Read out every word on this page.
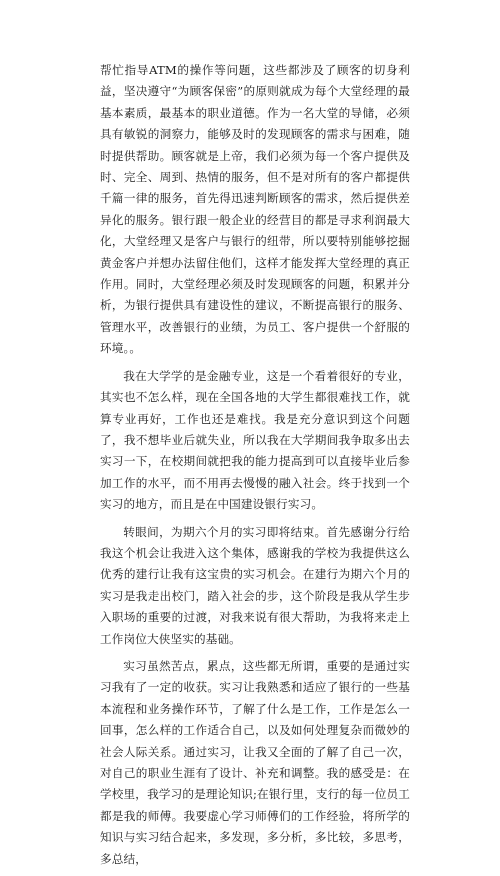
帮忙指导ATM的操作等问题，这些都涉及了顾客的切身利益，坚决遵守“为顾客保密”的原则就成为每个大堂经理的最基本素质，最基本的职业道德。作为一名大堂的导储，必须具有敏锐的洞察力，能够及时的发现顾客的需求与困难，随时提供帮助。顾客就是上帝，我们必须为每一个客户提供及时、完全、周到、热情的服务，但不是对所有的客户都提供千篇一律的服务，首先得迅速判断顾客的需求，然后提供差异化的服务。银行跟一般企业的经营目的都是寻求利润最大化，大堂经理又是客户与银行的纽带，所以要特别能够挖掘黄金客户并想办法留住他们，这样才能发挥大堂经理的真正作用。同时，大堂经理必须及时发现顾客的问题，积累并分析，为银行提供具有建设性的建议，不断提高银行的服务、管理水平，改善银行的业绩，为员工、客户提供一个舒服的环境。。

我在大学学的是金融专业，这是一个看着很好的专业，其实也不怎么样，现在全国各地的大学生都很难找工作，就算专业再好，工作也还是难找。我是充分意识到这个问题了，我不想毕业后就失业，所以我在大学期间我争取多出去实习一下，在校期间就把我的能力提高到可以直接毕业后参加工作的水平，而不用再去慢慢的融入社会。终于找到一个实习的地方，而且是在中国建设银行实习。

转眼间，为期六个月的实习即将结束。首先感谢分行给我这个机会让我进入这个集体，感谢我的学校为我提供这么优秀的建行让我有这宝贵的实习机会。在建行为期六个月的实习是我走出校门，踏入社会的步，这个阶段是我从学生步入职场的重要的过渡，对我来说有很大帮助，为我将来走上工作岗位大侠坚实的基础。

实习虽然苦点，累点，这些都无所谓，重要的是通过实习我有了一定的收获。实习让我熟悉和适应了银行的一些基本流程和业务操作环节，了解了什么是工作，工作是怎么一回事，怎么样的工作适合自己，以及如何处理复杂而微妙的社会人际关系。通过实习，让我又全面的了解了自己一次，对自己的职业生涯有了设计、补充和调整。我的感受是：在学校里，我学习的是理论知识;在银行里，支行的每一位员工都是我的师傅。我要虚心学习师傅们的工作经验，将所学的知识与实习结合起来，多发现，多分析，多比较，多思考，多总结，
